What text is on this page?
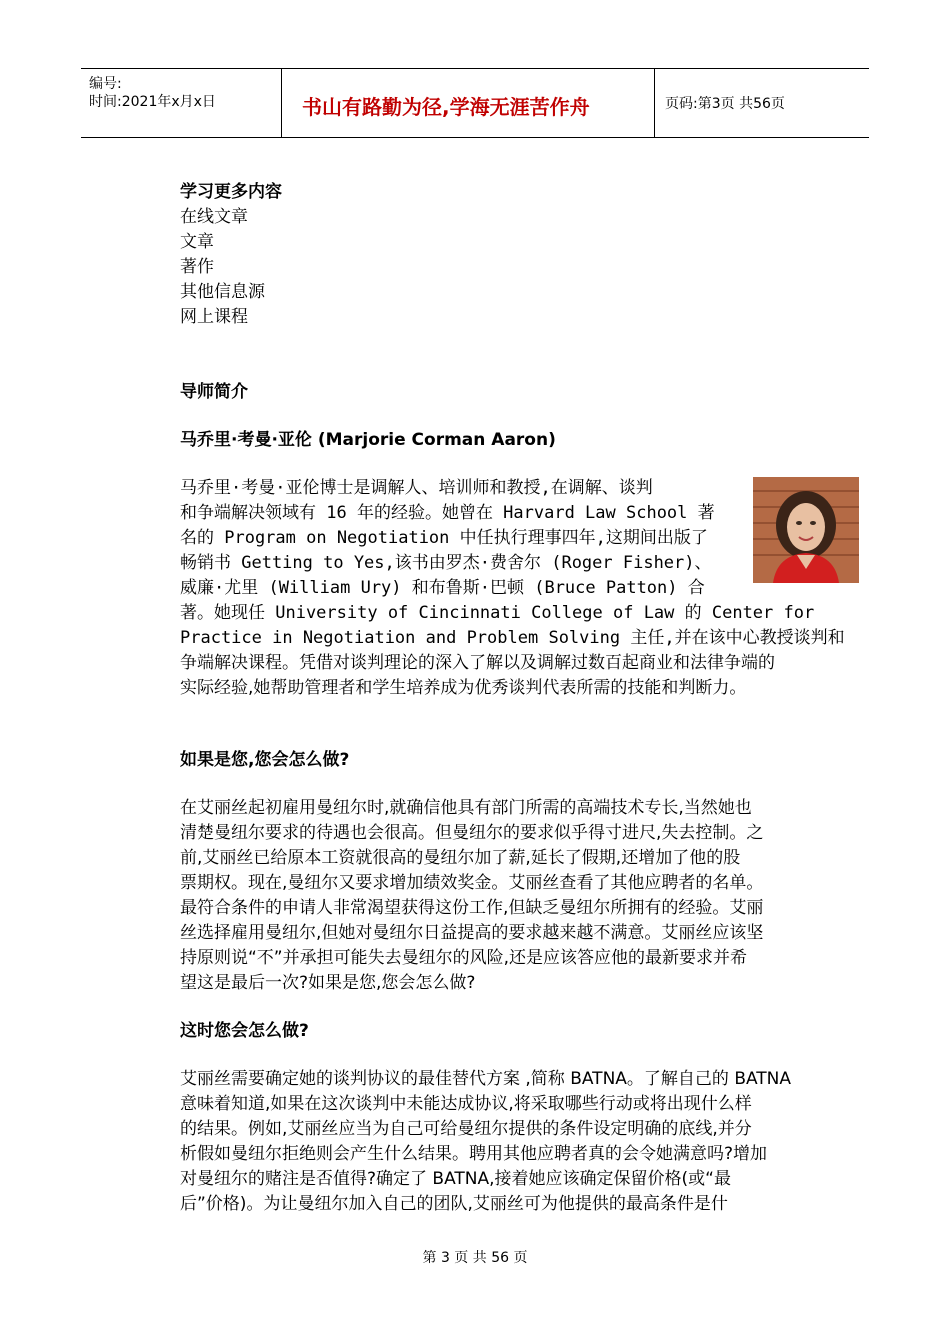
编号:
时间:2021年x月x日	书山有路勤为径,学海无涯苦作舟	页码:第3页 共56页

学习更多内容

在线文章

文章

著作

其他信息源

网上课程

导师简介

马乔里·考曼·亚伦 (Marjorie Corman Aaron)

马乔里·考曼·亚伦博士是调解人、培训师和教授,在调解、谈判

和争端解决领域有 16 年的经验。她曾在 Harvard Law School 著

名的 Program on Negotiation 中任执行理事四年,这期间出版了

畅销书 Getting to Yes,该书由罗杰·费舍尔 (Roger Fisher)、

威廉·尤里 (William Ury) 和布鲁斯·巴顿 (Bruce Patton) 合

著。她现任 University of Cincinnati College of Law 的 Center for

Practice in Negotiation and Problem Solving 主任,并在该中心教授谈判和

争端解决课程。凭借对谈判理论的深入了解以及调解过数百起商业和法律争端的

实际经验,她帮助管理者和学生培养成为优秀谈判代表所需的技能和判断力。

如果是您,您会怎么做?

在艾丽丝起初雇用曼纽尔时,就确信他具有部门所需的高端技术专长,当然她也

清楚曼纽尔要求的待遇也会很高。但曼纽尔的要求似乎得寸进尺,失去控制。之

前,艾丽丝已给原本工资就很高的曼纽尔加了薪,延长了假期,还增加了他的股

票期权。现在,曼纽尔又要求增加绩效奖金。艾丽丝查看了其他应聘者的名单。

最符合条件的申请人非常渴望获得这份工作,但缺乏曼纽尔所拥有的经验。艾丽

丝选择雇用曼纽尔,但她对曼纽尔日益提高的要求越来越不满意。艾丽丝应该坚

持原则说“不”并承担可能失去曼纽尔的风险,还是应该答应他的最新要求并希

望这是最后一次?如果是您,您会怎么做?

这时您会怎么做?

艾丽丝需要确定她的谈判协议的最佳替代方案 ,简称 BATNA。了解自己的 BATNA

意味着知道,如果在这次谈判中未能达成协议,将采取哪些行动或将出现什么样

的结果。例如,艾丽丝应当为自己可给曼纽尔提供的条件设定明确的底线,并分

析假如曼纽尔拒绝则会产生什么结果。聘用其他应聘者真的会令她满意吗?增加

对曼纽尔的赌注是否值得?确定了 BATNA,接着她应该确定保留价格(或“最

后”价格)。为让曼纽尔加入自己的团队,艾丽丝可为他提供的最高条件是什

第 3 页 共 56 页
